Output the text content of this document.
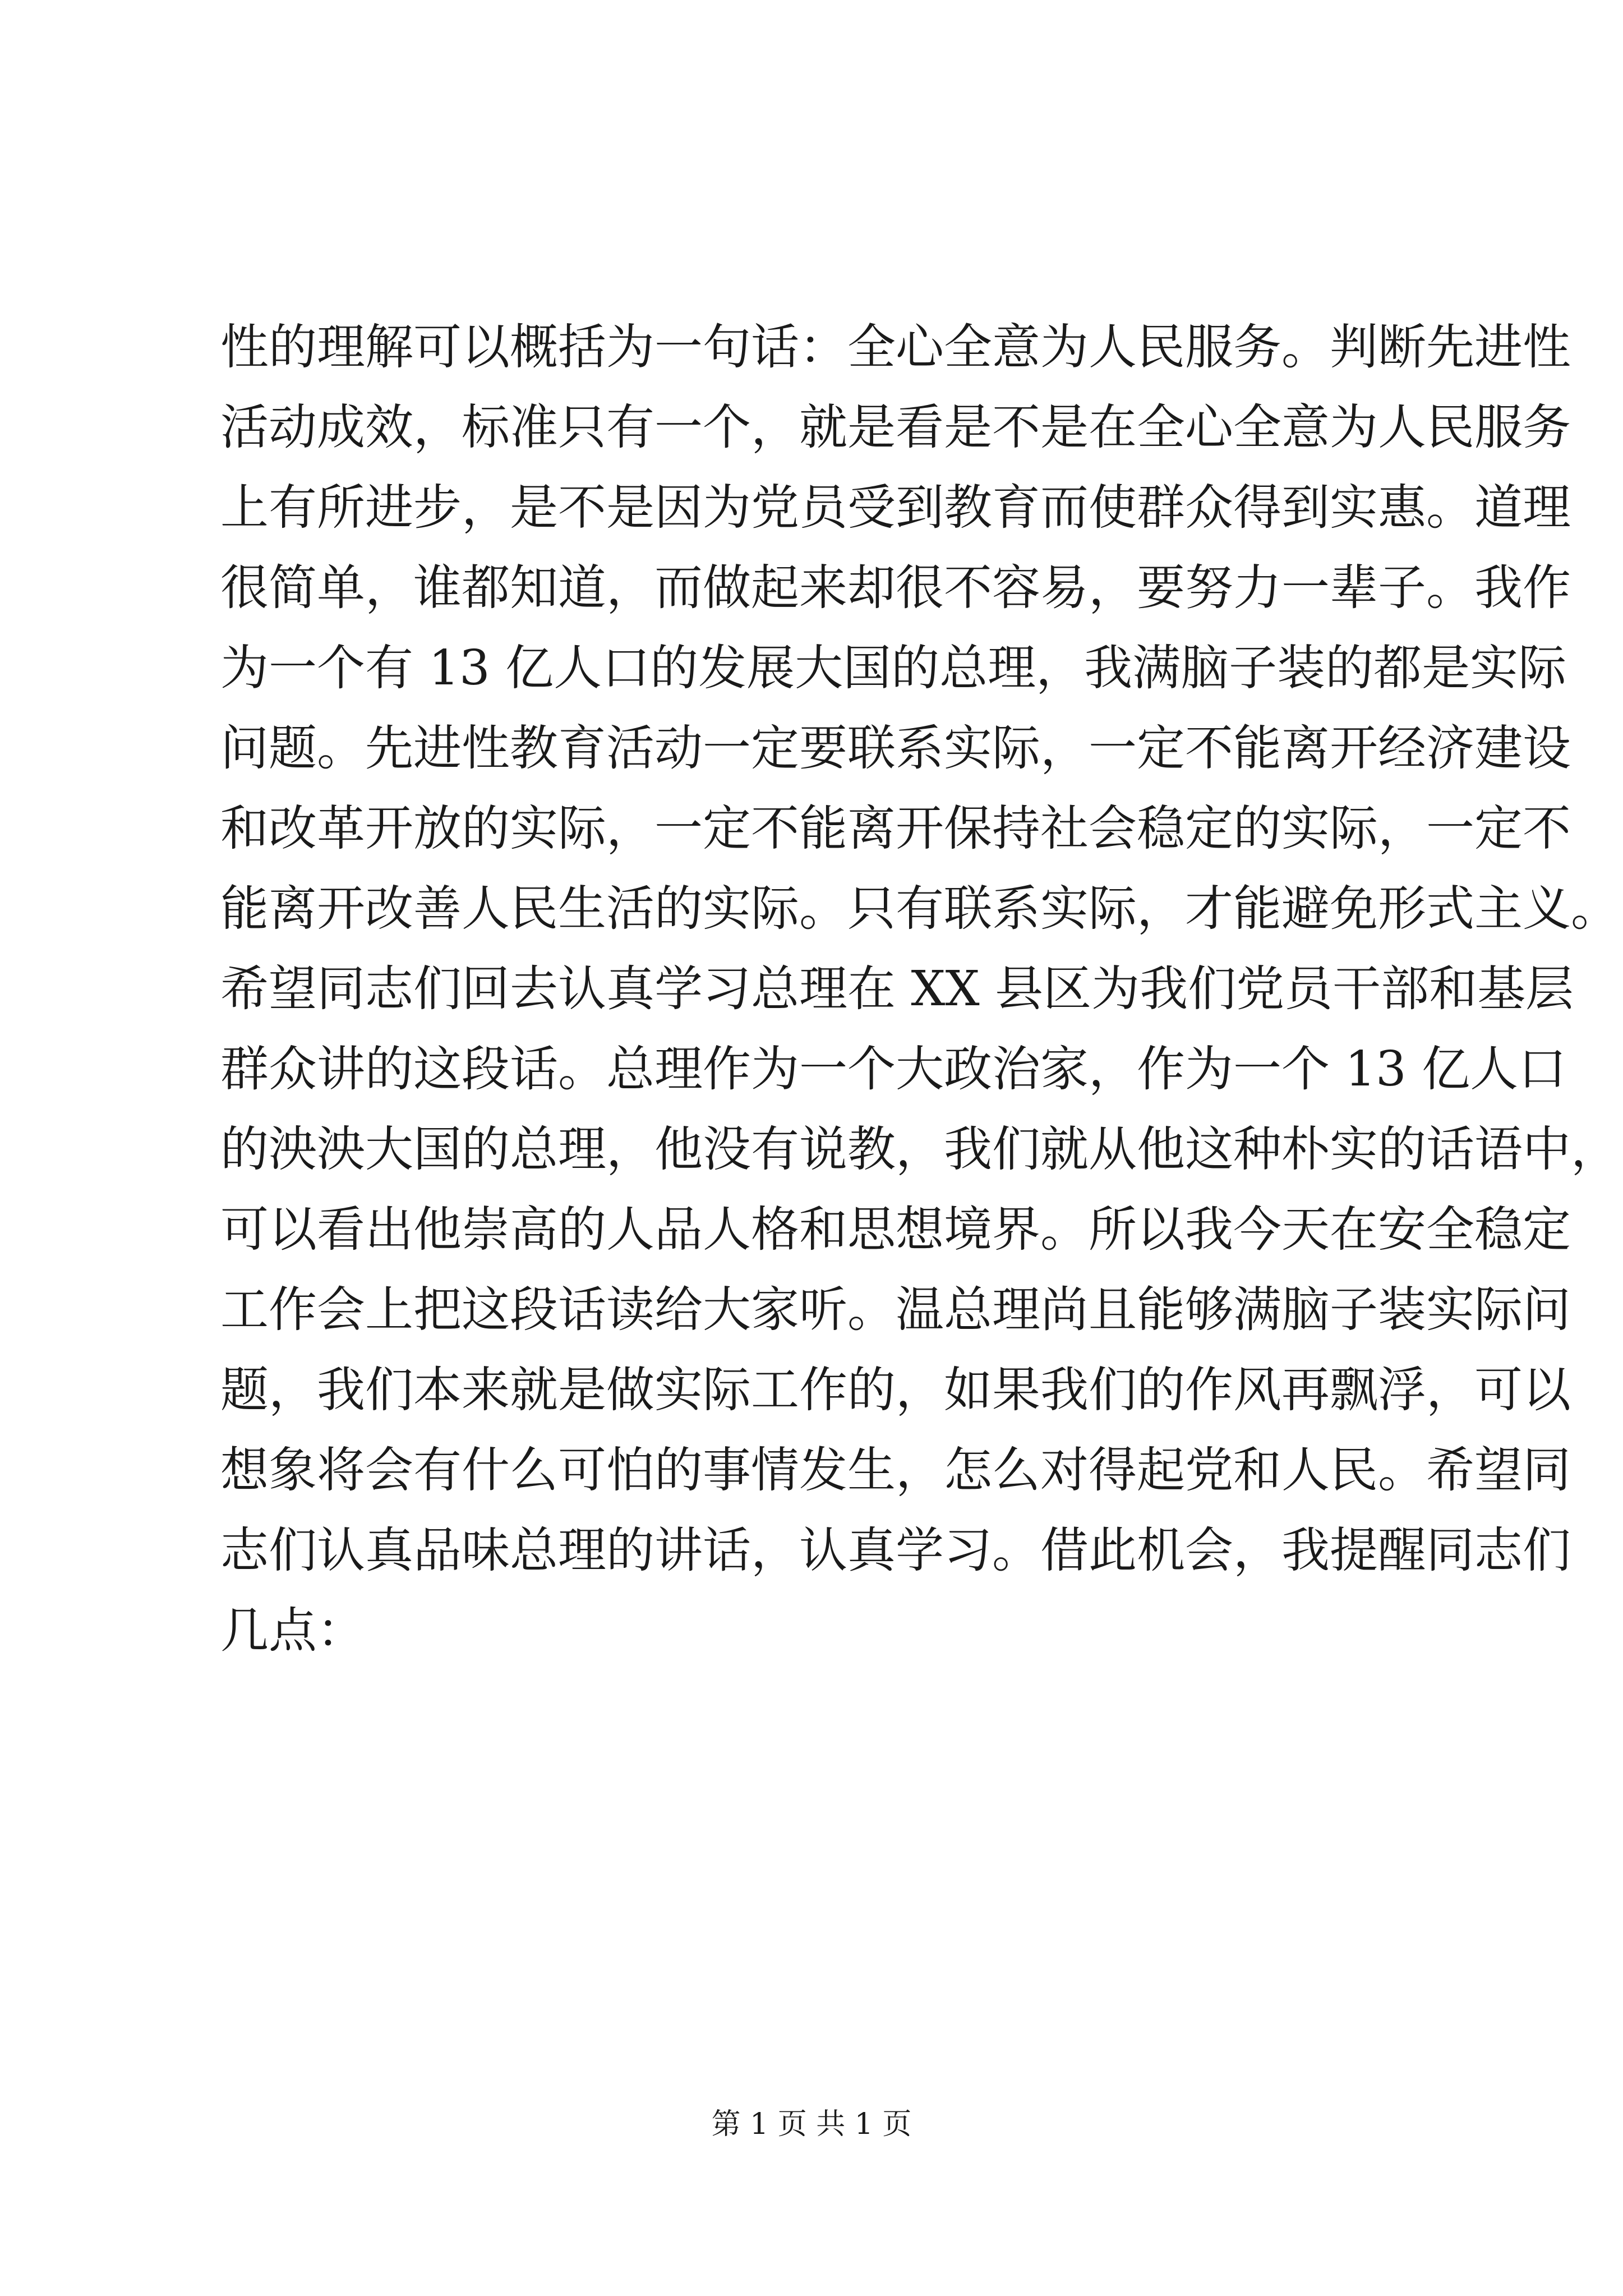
性的理解可以概括为一句话：全心全意为人民服务。判断先进性
活动成效，标准只有一个，就是看是不是在全心全意为人民服务
上有所进步，是不是因为党员受到教育而使群众得到实惠。道理
很简单，谁都知道，而做起来却很不容易，要努力一辈子。我作
为一个有 13 亿人口的发展大国的总理，我满脑子装的都是实际
问题。先进性教育活动一定要联系实际，一定不能离开经济建设
和改革开放的实际，一定不能离开保持社会稳定的实际，一定不
能离开改善人民生活的实际。只有联系实际，才能避免形式主义。
希望同志们回去认真学习总理在 XX 县区为我们党员干部和基层
群众讲的这段话。总理作为一个大政治家，作为一个 13 亿人口
的泱泱大国的总理，他没有说教，我们就从他这种朴实的话语中，
可以看出他崇高的人品人格和思想境界。所以我今天在安全稳定
工作会上把这段话读给大家听。温总理尚且能够满脑子装实际问
题，我们本来就是做实际工作的，如果我们的作风再飘浮，可以
想象将会有什么可怕的事情发生，怎么对得起党和人民。希望同
志们认真品味总理的讲话，认真学习。借此机会，我提醒同志们
几点：
第 1 页 共 1 页
